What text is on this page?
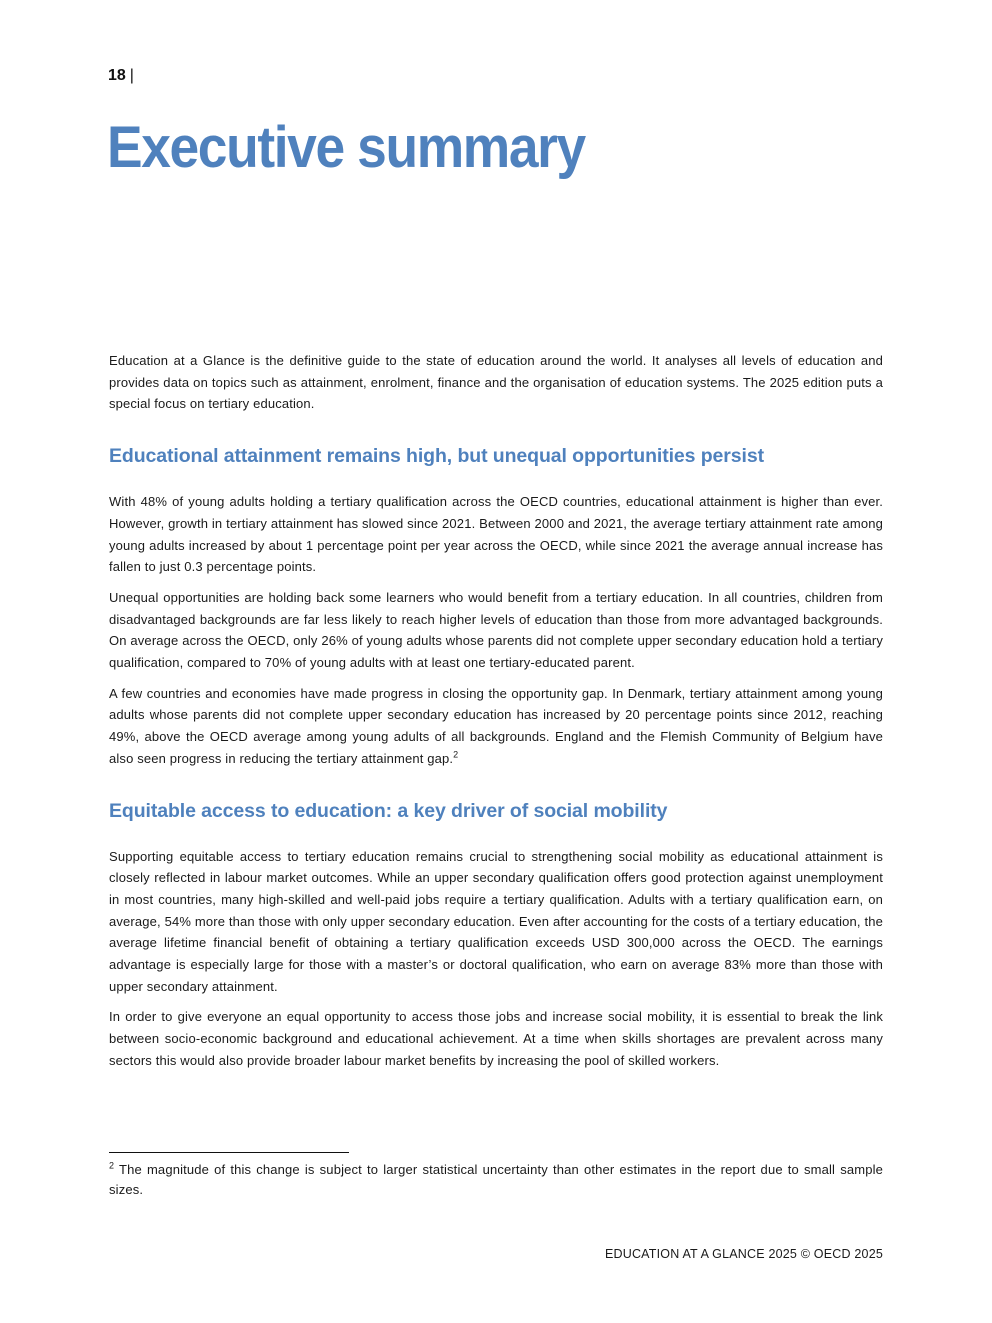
18 |
Executive summary

Education at a Glance is the definitive guide to the state of education around the world. It analyses all levels of education and provides data on topics such as attainment, enrolment, finance and the organisation of education systems. The 2025 edition puts a special focus on tertiary education.

Educational attainment remains high, but unequal opportunities persist

With 48% of young adults holding a tertiary qualification across the OECD countries, educational attainment is higher than ever. However, growth in tertiary attainment has slowed since 2021. Between 2000 and 2021, the average tertiary attainment rate among young adults increased by about 1 percentage point per year across the OECD, while since 2021 the average annual increase has fallen to just 0.3 percentage points.

Unequal opportunities are holding back some learners who would benefit from a tertiary education. In all countries, children from disadvantaged backgrounds are far less likely to reach higher levels of education than those from more advantaged backgrounds. On average across the OECD, only 26% of young adults whose parents did not complete upper secondary education hold a tertiary qualification, compared to 70% of young adults with at least one tertiary-educated parent.

A few countries and economies have made progress in closing the opportunity gap. In Denmark, tertiary attainment among young adults whose parents did not complete upper secondary education has increased by 20 percentage points since 2012, reaching 49%, above the OECD average among young adults of all backgrounds. England and the Flemish Community of Belgium have also seen progress in reducing the tertiary attainment gap.$^2$

Equitable access to education: a key driver of social mobility

Supporting equitable access to tertiary education remains crucial to strengthening social mobility as educational attainment is closely reflected in labour market outcomes. While an upper secondary qualification offers good protection against unemployment in most countries, many high-skilled and well-paid jobs require a tertiary qualification. Adults with a tertiary qualification earn, on average, 54% more than those with only upper secondary education. Even after accounting for the costs of a tertiary education, the average lifetime financial benefit of obtaining a tertiary qualification exceeds USD 300,000 across the OECD. The earnings advantage is especially large for those with a master’s or doctoral qualification, who earn on average 83% more than those with upper secondary attainment.

In order to give everyone an equal opportunity to access those jobs and increase social mobility, it is essential to break the link between socio-economic background and educational achievement. At a time when skills shortages are prevalent across many sectors this would also provide broader labour market benefits by increasing the pool of skilled workers.

$^2$ The magnitude of this change is subject to larger statistical uncertainty than other estimates in the report due to small sample sizes.

EDUCATION AT A GLANCE 2025 © OECD 2025
